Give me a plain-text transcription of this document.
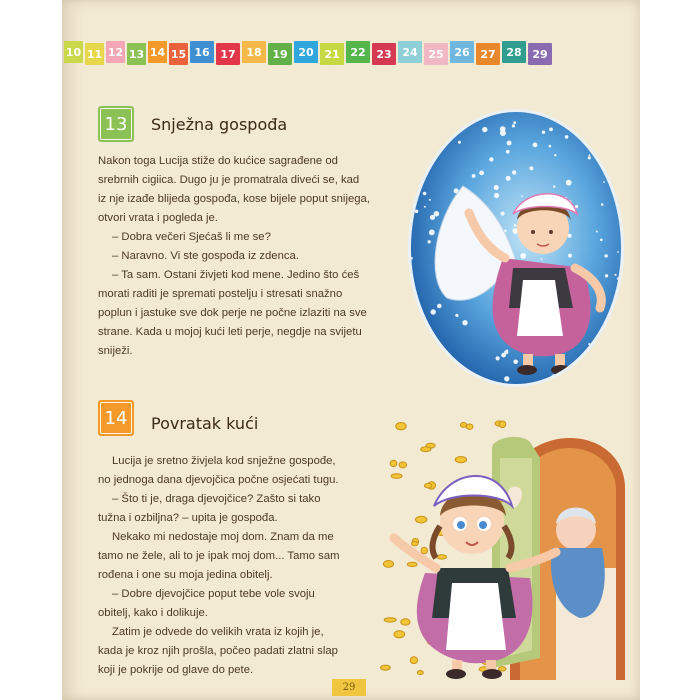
10 11 12 13 14 15 16 17 18 19 20 21 22 23 24 25 26 27 28 29
13 Snježna gospođa

Nakon toga Lucija stiže do kućice sagrađene od

srebrnih cigiica. Dugo ju je promatrala diveći se, kad

iz nje izađe blijeda gospođa, kose bijele poput snijega,

otvori vrata i pogleda je.

– Dobra večeri Sjećaš li me se?

– Naravno. Vi ste gospođa iz zdenca.

– Ta sam. Ostani živjeti kod mene. Jedino što ćeš

morati raditi je spremati postelju i stresati snažno

poplun i jastuke sve dok perje ne počne izlaziti na sve

strane. Kada u mojoj kući leti perje, negdje na svijetu

sniježi.

14 Povratak kući

Lucija je sretno živjela kod snježne gospođe,

no jednoga dana djevojčica počne osjećati tugu.

– Što ti je, draga djevojčice? Zašto si tako

tužna i ozbiljna? – upita je gospođa.

Nekako mi nedostaje moj dom. Znam da me

tamo ne žele, ali to je ipak moj dom... Tamo sam

rođena i one su moja jedina obitelj.

– Dobre djevojčice poput tebe vole svoju

obitelj, kako i dolikuje.

Zatim je odvede do velikih vrata iz kojih je,

kada je kroz njih prošla, počeo padati zlatni slap

koji je pokrije od glave do pete.

29
